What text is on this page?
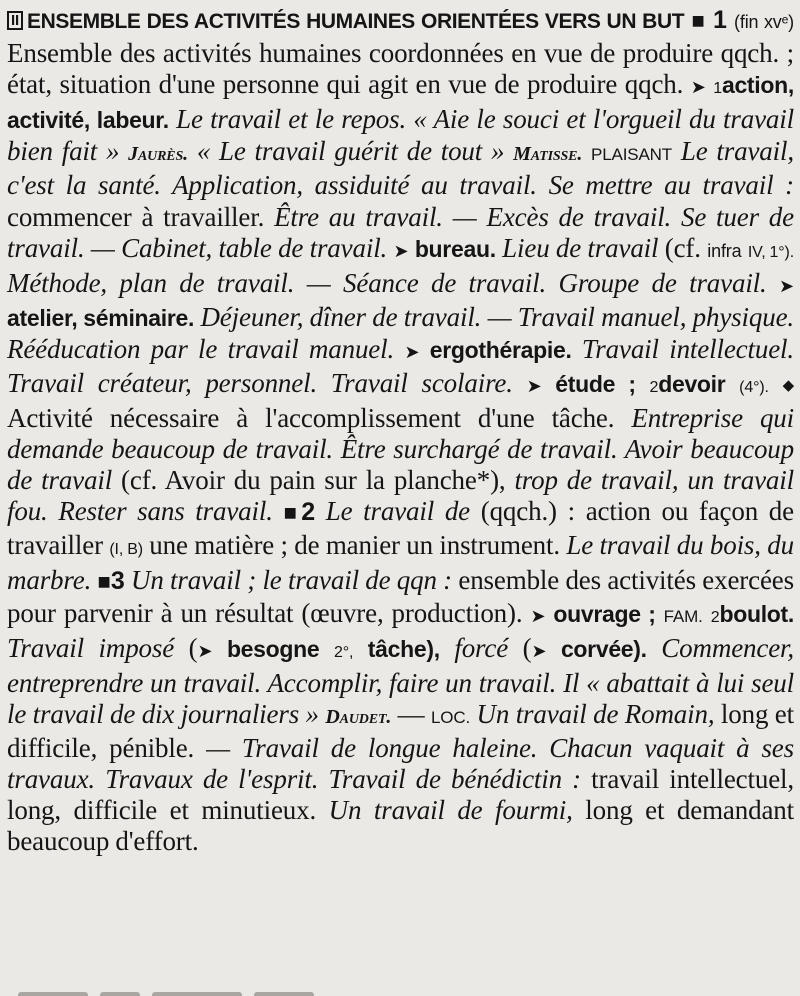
II ENSEMBLE DES ACTIVITÉS HUMAINES ORIENTÉES VERS UN BUT ■ 1 (fin xvᵉ) Ensemble des activités humaines coordonnées en vue de produire qqch. ; état, situation d'une personne qui agit en vue de produire qqch. ➤ 1action, activité, labeur. Le travail et le repos. « Aie le souci et l'orgueil du travail bien fait » Jaurès. « Le travail guérit de tout » Matisse. PLAISANT Le travail, c'est la santé. Application, assiduité au travail. Se mettre au travail : commencer à travailler. Être au travail. — Excès de travail. Se tuer de travail. — Cabinet, table de travail. ➤ bureau. Lieu de travail (cf. infra IV, 1°). Méthode, plan de travail. — Séance de travail. Groupe de travail. ➤ atelier, séminaire. Déjeuner, dîner de travail. — Travail manuel, physique. Rééducation par le travail manuel. ➤ ergothérapie. Travail intellectuel. Travail créateur, personnel. Travail scolaire. ➤ étude ; 2devoir (4°). ◆ Activité nécessaire à l'accomplissement d'une tâche. Entreprise qui demande beaucoup de travail. Être surchargé de travail. Avoir beaucoup de travail (cf. Avoir du pain sur la planche*), trop de travail, un travail fou. Rester sans travail. ■2 Le travail de (qqch.) : action ou façon de travailler (I, B) une matière ; de manier un instrument. Le travail du bois, du marbre. ■3 Un travail ; le travail de qqn : ensemble des activités exercées pour parvenir à un résultat (œuvre, production). ➤ ouvrage ; FAM. 2boulot. Travail imposé (➤ besogne 2°, tâche), forcé (➤ corvée). Commencer, entreprendre un travail. Accomplir, faire un travail. Il « abattait à lui seul le travail de dix journaliers » Daudet. — LOC. Un travail de Romain, long et difficile, pénible. — Travail de longue haleine. Chacun vaquait à ses travaux. Travaux de l'esprit. Travail de bénédictin : travail intellectuel, long, difficile et minutieux. Un travail de fourmi, long et demandant beaucoup d'effort.
